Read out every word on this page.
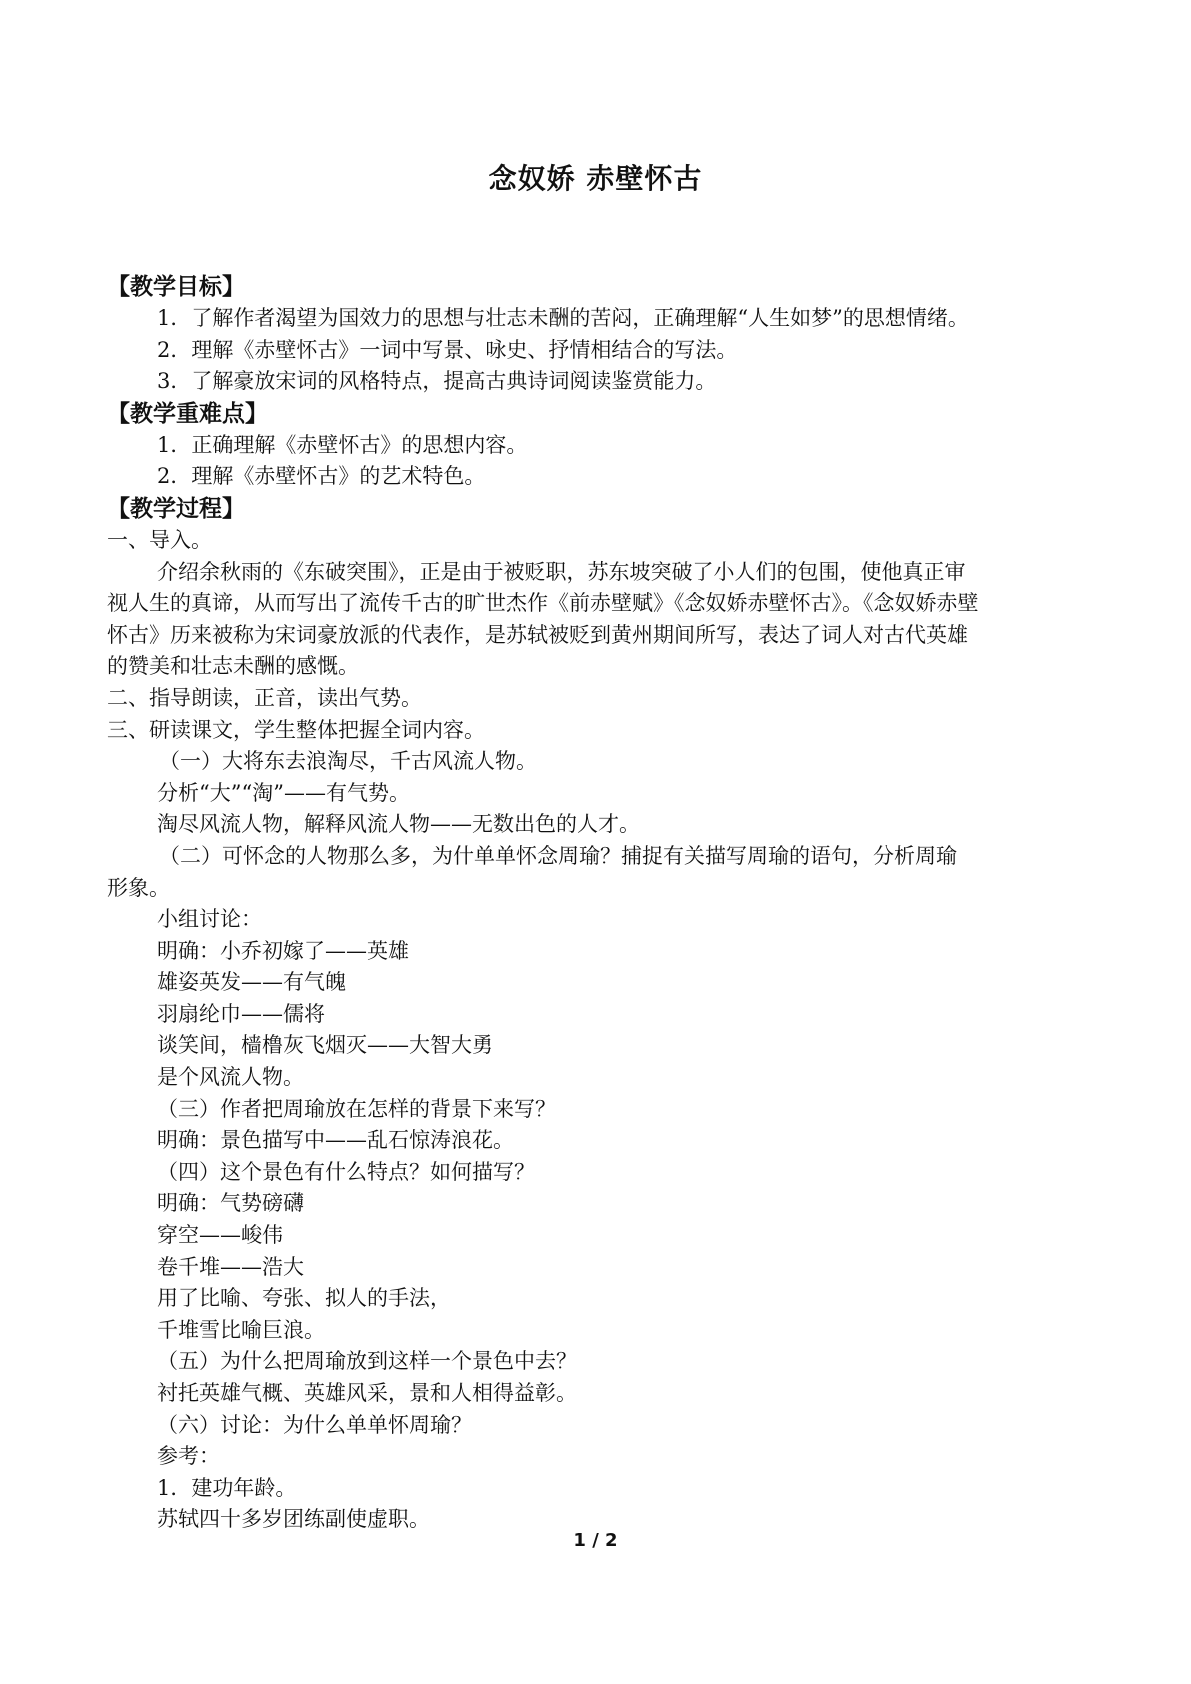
念奴娇 赤壁怀古
【教学目标】
1．了解作者渴望为国效力的思想与壮志未酬的苦闷，正确理解“人生如梦”的思想情绪。
2．理解《赤壁怀古》一词中写景、咏史、抒情相结合的写法。
3．了解豪放宋词的风格特点，提高古典诗词阅读鉴赏能力。
【教学重难点】
1．正确理解《赤壁怀古》的思想内容。
2．理解《赤壁怀古》的艺术特色。
【教学过程】
一、导入。
介绍余秋雨的《东破突围》，正是由于被贬职，苏东坡突破了小人们的包围，使他真正审
视人生的真谛，从而写出了流传千古的旷世杰作《前赤壁赋》《念奴娇赤壁怀古》。《念奴娇赤壁
怀古》历来被称为宋词豪放派的代表作，是苏轼被贬到黄州期间所写，表达了词人对古代英雄
的赞美和壮志未酬的感慨。
二、指导朗读，正音，读出气势。
三、研读课文，学生整体把握全词内容。
（一）大将东去浪淘尽，千古风流人物。
分析“大”“淘”——有气势。
淘尽风流人物，解释风流人物——无数出色的人才。
（二）可怀念的人物那么多，为什单单怀念周瑜？捕捉有关描写周瑜的语句，分析周瑜
形象。
小组讨论：
明确：小乔初嫁了——英雄
雄姿英发——有气魄
羽扇纶巾——儒将
谈笑间，樯橹灰飞烟灭——大智大勇
是个风流人物。
（三）作者把周瑜放在怎样的背景下来写？
明确：景色描写中——乱石惊涛浪花。
（四）这个景色有什么特点？如何描写？
明确：气势磅礴
穿空——峻伟
卷千堆——浩大
用了比喻、夸张、拟人的手法，
千堆雪比喻巨浪。
（五）为什么把周瑜放到这样一个景色中去？
衬托英雄气概、英雄风采，景和人相得益彰。
（六）讨论：为什么单单怀周瑜？
参考：
1．建功年龄。
苏轼四十多岁团练副使虚职。
1 / 2
